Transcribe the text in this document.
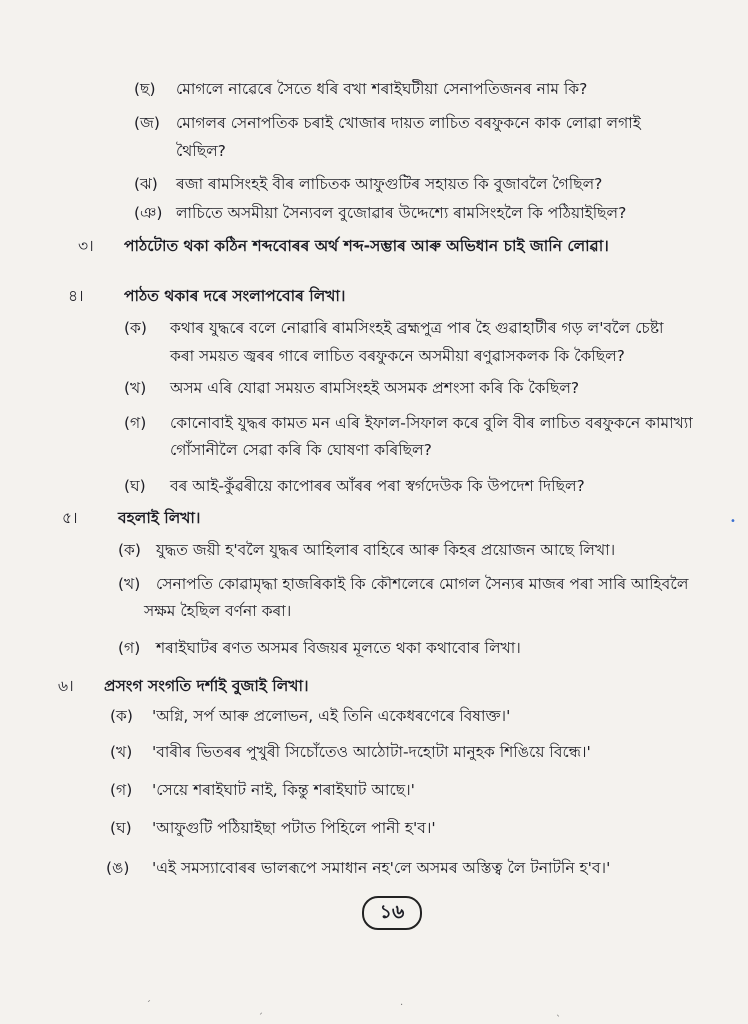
(ছ) মোগলে নাৱেৰে সৈতে ধৰি বখা শৰাইঘটীয়া সেনাপতিজনৰ নাম কি?
(জ) মোগলৰ সেনাপতিক চৰাই খোজাৰ দায়ত লাচিত বৰফুকনে কাক লোৱা লগাই
থৈছিল?
(ঝ) ৰজা ৰামসিংহই বীৰ লাচিতক আফুগুটিৰ সহায়ত কি বুজাবলৈ গৈছিল?
(ঞ) লাচিতে অসমীয়া সৈন্যবল বুজোৱাৰ উদ্দেশ্যে ৰামসিংহলৈ কি পঠিয়াইছিল?
৩। পাঠটোত থকা কঠিন শব্দবোৰৰ অৰ্থ শব্দ-সম্ভাৰ আৰু অভিধান চাই জানি লোৱা।
৪।	পাঠত থকাৰ দৰে সংলাপবোৰ লিখা।
(ক) কথাৰ যুদ্ধৰে বলে নোৱাৰি ৰামসিংহই ব্ৰহ্মপুত্ৰ পাৰ হৈ গুৱাহাটীৰ গড় ল'বলৈ চেষ্টা
কৰা সময়ত জ্বৰৰ গাৰে লাচিত বৰফুকনে অসমীয়া ৰণুৱাসকলক কি কৈছিল?
(খ) অসম এৰি যোৱা সময়ত ৰামসিংহই অসমক প্ৰশংসা কৰি কি কৈছিল?
(গ) কোনোবাই যুদ্ধৰ কামত মন এৰি ইফাল-সিফাল কৰে বুলি বীৰ লাচিত বৰফুকনে কামাখ্যা
গোঁসানীলৈ সেৱা কৰি কি ঘোষণা কৰিছিল?
(ঘ) বৰ আই-কুঁৱৰীয়ে কাপোৰৰ আঁৰৰ পৰা স্বৰ্গদেউক কি উপদেশ দিছিল?
৫।	বহলাই লিখা।
(ক) যুদ্ধত জয়ী হ'বলৈ যুদ্ধৰ আহিলাৰ বাহিৰে আৰু কিহৰ প্ৰয়োজন আছে লিখা।
(খ) সেনাপতি কোৱামৃদ্ধা হাজৰিকাই কি কৌশলেৰে মোগল সৈন্যৰ মাজৰ পৰা সাৰি আহিবলৈ
সক্ষম হৈছিল বৰ্ণনা কৰা।
(গ) শৰাইঘাটৰ ৰণত অসমৰ বিজয়ৰ মূলতে থকা কথাবোৰ লিখা।
৬। প্ৰসংগ সংগতি দৰ্শাই বুজাই লিখা।
(ক) 'অগ্নি, সৰ্প আৰু প্ৰলোভন, এই তিনি একেধৰণেৰে বিষাক্ত।'
(খ) 'বাৰীৰ ভিতৰৰ পুখুৰী সিচোঁতেও আঠোটা-দহোটা মানুহক শিঙিয়ে বিন্ধে।'
(গ) 'সেয়ে শৰাইঘাট নাই, কিন্তু শৰাইঘাট আছে।'
(ঘ) 'আফুগুটি পঠিয়াইছা পটাত পিহিলে পানী হ'ব।'
(ঙ) 'এই সমস্যাবোৰৰ ভালৰূপে সমাধান নহ'লে অসমৰ অস্তিত্ব লৈ টনাটনি হ'ব।'
১৬
ˊ	ˏ	·
ˎ
•
